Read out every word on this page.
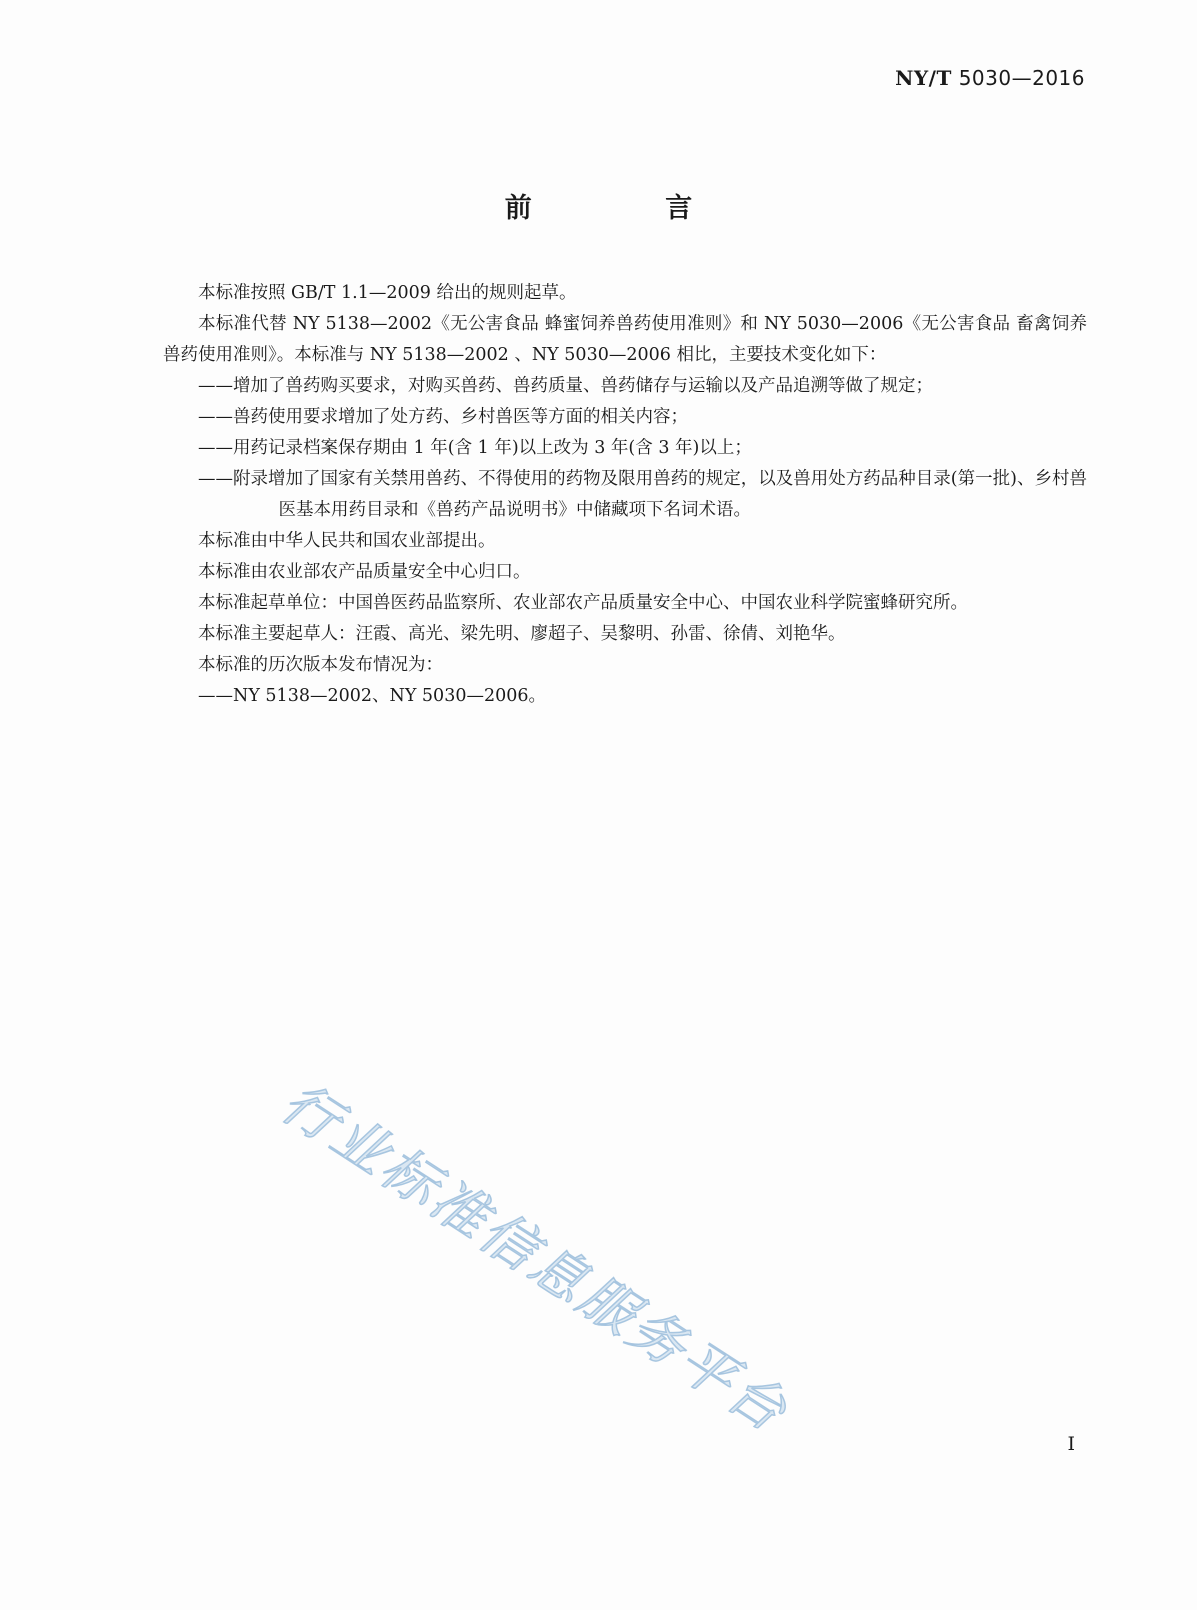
NY/T 5030—2016
前 言

本标准按照 GB/T 1.1—2009 给出的规则起草。

本标准代替 NY 5138—2002《无公害食品 蜂蜜饲养兽药使用准则》和 NY 5030—2006《无公害食品 畜禽饲养兽药使用准则》。本标准与 NY 5138—2002 、NY 5030—2006 相比，主要技术变化如下：

——增加了兽药购买要求，对购买兽药、兽药质量、兽药储存与运输以及产品追溯等做了规定；

——兽药使用要求增加了处方药、乡村兽医等方面的相关内容；

——用药记录档案保存期由 1 年(含 1 年)以上改为 3 年(含 3 年)以上；

——附录增加了国家有关禁用兽药、不得使用的药物及限用兽药的规定，以及兽用处方药品种目录(第一批)、乡村兽医基本用药目录和《兽药产品说明书》中储藏项下名词术语。

本标准由中华人民共和国农业部提出。

本标准由农业部农产品质量安全中心归口。

本标准起草单位：中国兽医药品监察所、农业部农产品质量安全中心、中国农业科学院蜜蜂研究所。

本标准主要起草人：汪霞、高光、梁先明、廖超子、吴黎明、孙雷、徐倩、刘艳华。

本标准的历次版本发布情况为：

——NY 5138—2002、NY 5030—2006。

I
行业标准信息服务平台
